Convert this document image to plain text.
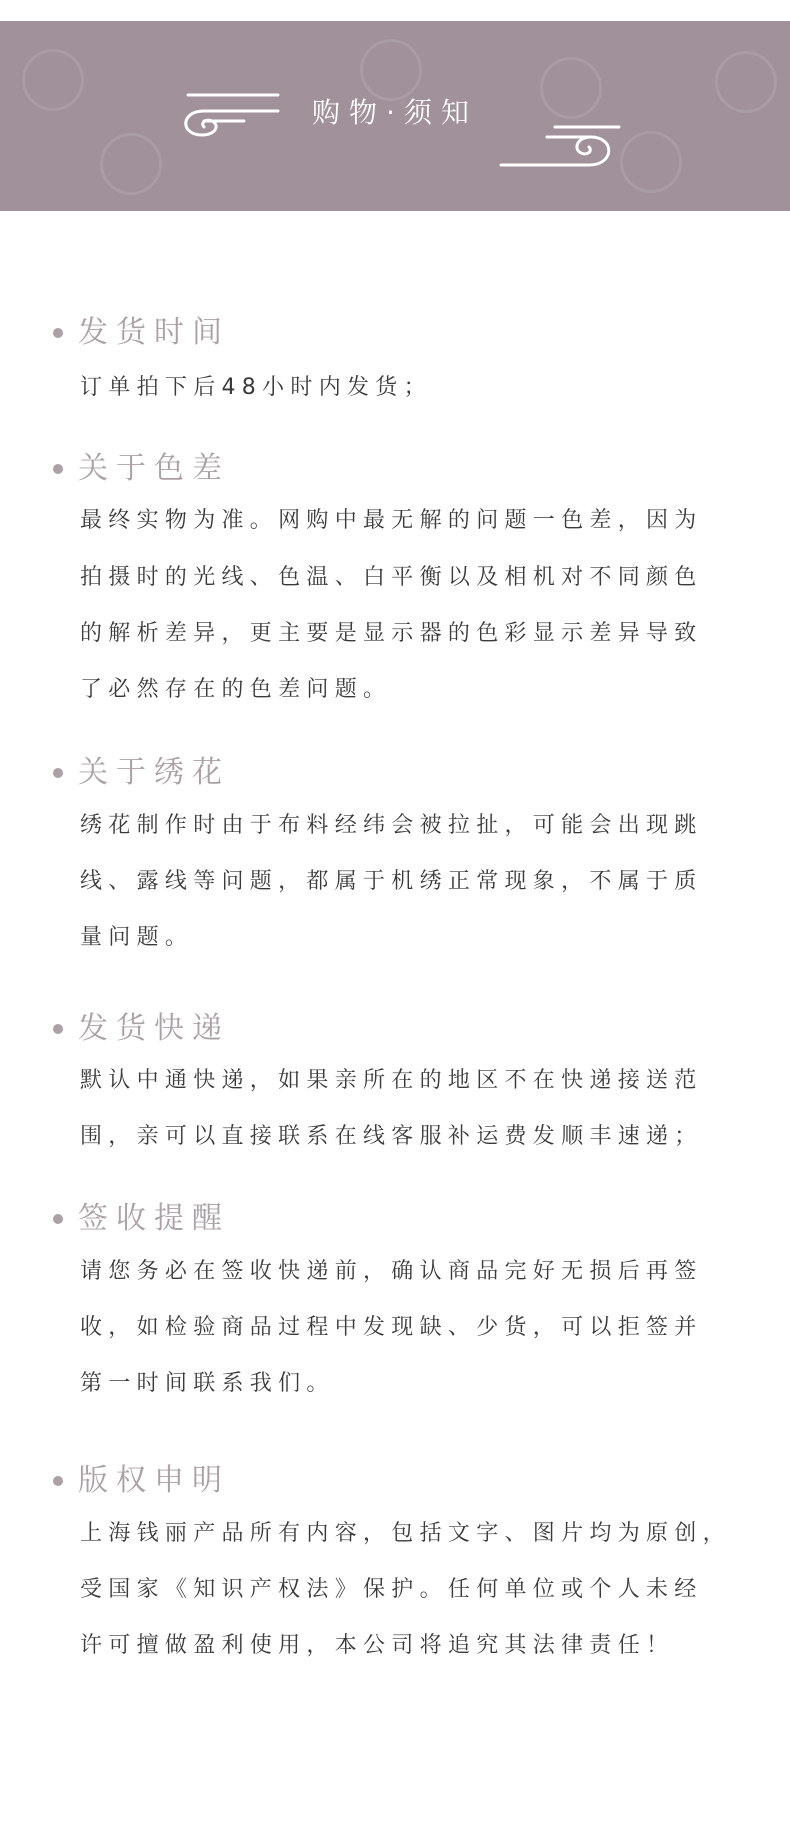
购物·须知
发货时间
订单拍下后48小时内发货；
关于色差
最终实物为准。网购中最无解的问题一色差，因为
拍摄时的光线、色温、白平衡以及相机对不同颜色
的解析差异，更主要是显示器的色彩显示差异导致
了必然存在的色差问题。
关于绣花
绣花制作时由于布料经纬会被拉扯，可能会出现跳
线、露线等问题，都属于机绣正常现象，不属于质
量问题。
发货快递
默认中通快递，如果亲所在的地区不在快递接送范
围，亲可以直接联系在线客服补运费发顺丰速递；
签收提醒
请您务必在签收快递前，确认商品完好无损后再签
收，如检验商品过程中发现缺、少货，可以拒签并
第一时间联系我们。
版权申明
上海钱丽产品所有内容，包括文字、图片均为原创，
受国家《知识产权法》保护。任何单位或个人未经
许可擅做盈利使用，本公司将追究其法律责任！
